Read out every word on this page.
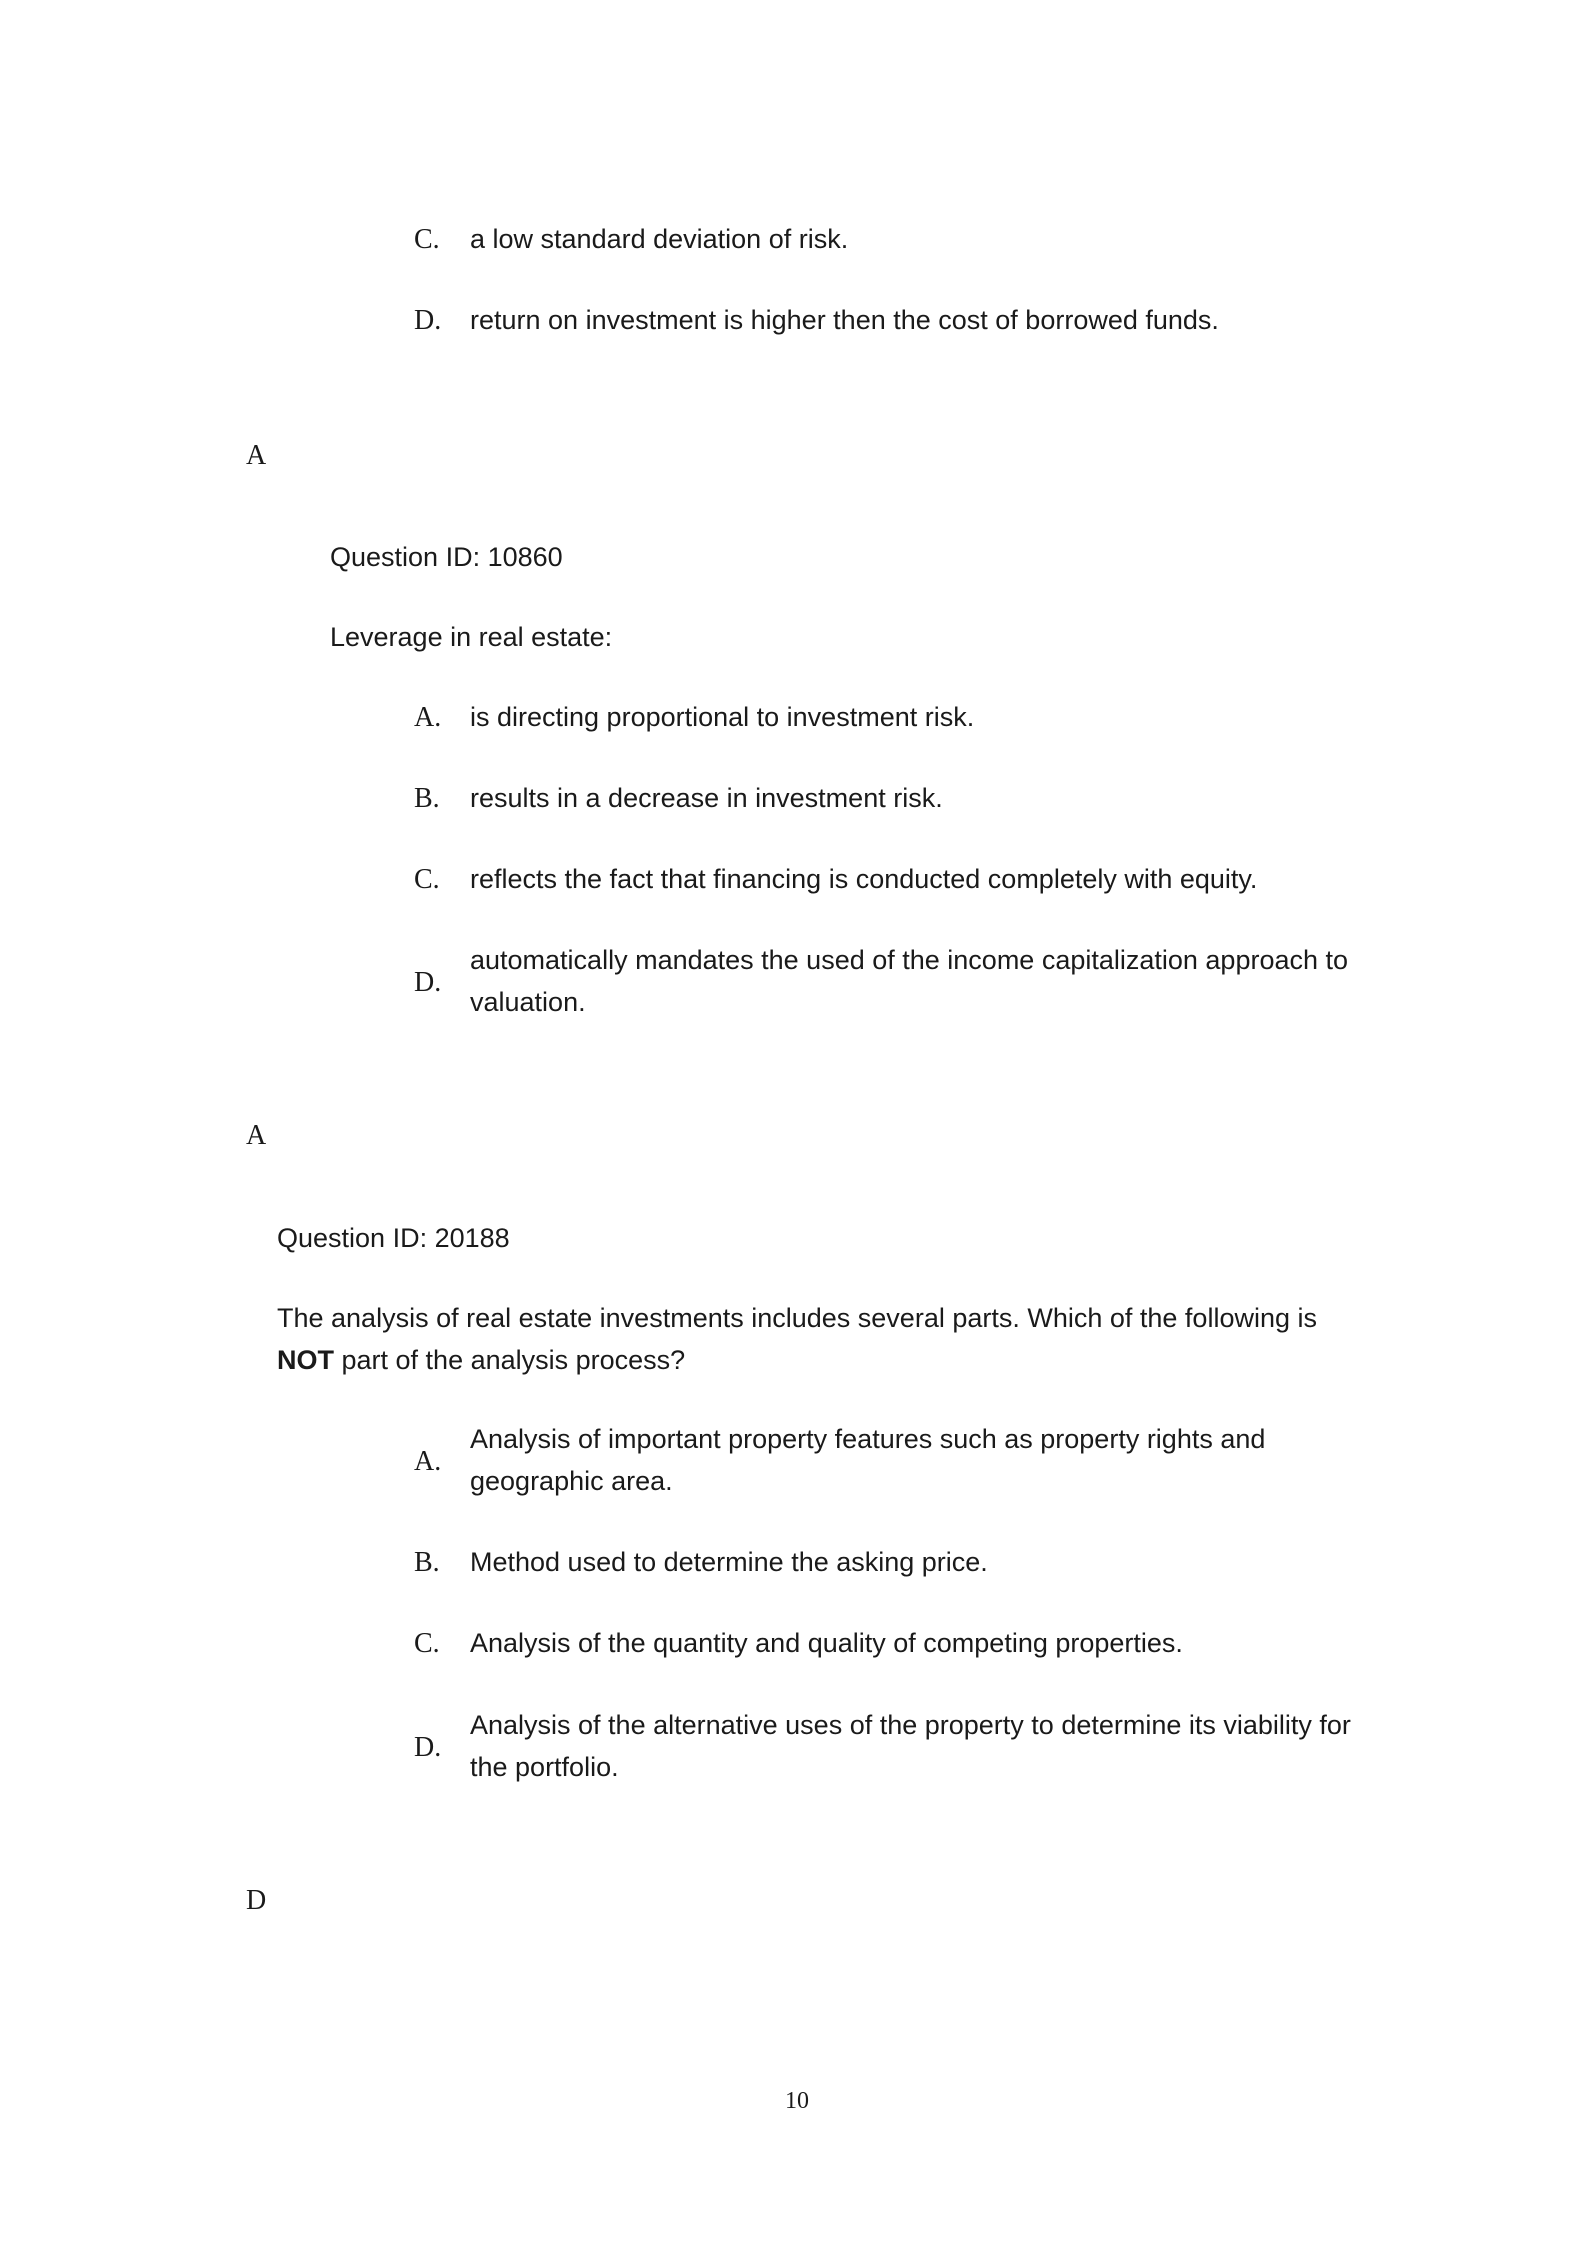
C. a low standard deviation of risk.
D. return on investment is higher then the cost of borrowed funds.
A
Question ID: 10860
Leverage in real estate:
A. is directing proportional to investment risk.
B. results in a decrease in investment risk.
C. reflects the fact that financing is conducted completely with equity.
D.
automatically mandates the used of the income capitalization approach to valuation.
A
Question ID: 20188
The analysis of real estate investments includes several parts. Which of the following is
NOT part of the analysis process?
A.
Analysis of important property features such as property rights and geographic area.
B. Method used to determine the asking price.
C. Analysis of the quantity and quality of competing properties.
D.
Analysis of the alternative uses of the property to determine its viability for the portfolio.
D
10
